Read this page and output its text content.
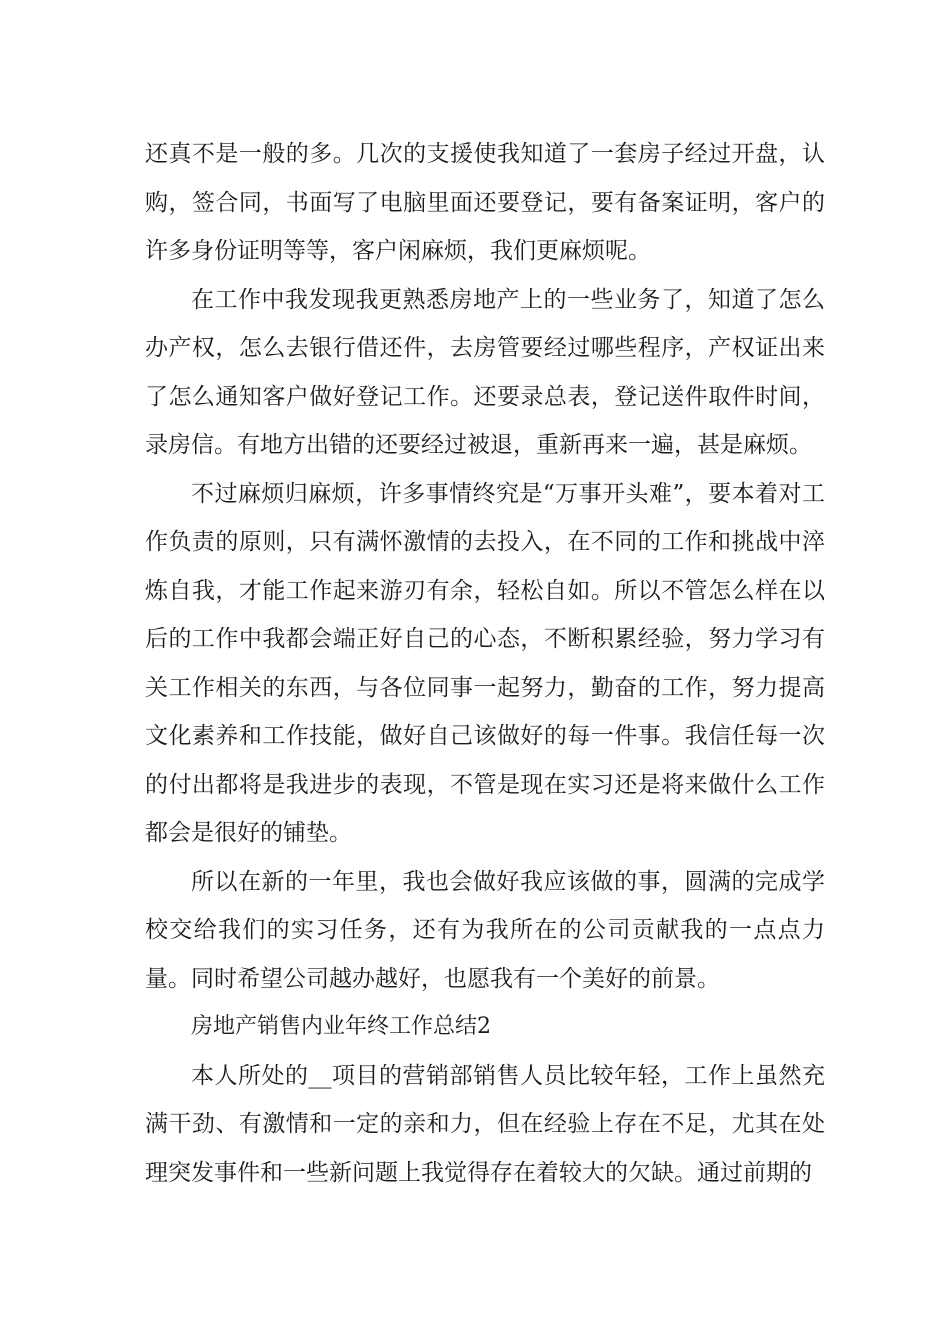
还真不是一般的多。几次的支援使我知道了一套房子经过开盘，认购，签合同，书面写了电脑里面还要登记，要有备案证明，客户的许多身份证明等等，客户闲麻烦，我们更麻烦呢。

在工作中我发现我更熟悉房地产上的一些业务了，知道了怎么办产权，怎么去银行借还件，去房管要经过哪些程序，产权证出来了怎么通知客户做好登记工作。还要录总表，登记送件取件时间，录房信。有地方出错的还要经过被退，重新再来一遍，甚是麻烦。

不过麻烦归麻烦，许多事情终究是“万事开头难”，要本着对工作负责的原则，只有满怀激情的去投入，在不同的工作和挑战中淬炼自我，才能工作起来游刃有余，轻松自如。所以不管怎么样在以后的工作中我都会端正好自己的心态，不断积累经验，努力学习有关工作相关的东西，与各位同事一起努力，勤奋的工作，努力提高文化素养和工作技能，做好自己该做好的每一件事。我信任每一次的付出都将是我进步的表现，不管是现在实习还是将来做什么工作都会是很好的铺垫。

所以在新的一年里，我也会做好我应该做的事，圆满的完成学校交给我们的实习任务，还有为我所在的公司贡献我的一点点力量。同时希望公司越办越好，也愿我有一个美好的前景。

房地产销售内业年终工作总结2

本人所处的__项目的营销部销售人员比较年轻，工作上虽然充满干劲、有激情和一定的亲和力，但在经验上存在不足，尤其在处理突发事件和一些新问题上我觉得存在着较大的欠缺。通过前期的
